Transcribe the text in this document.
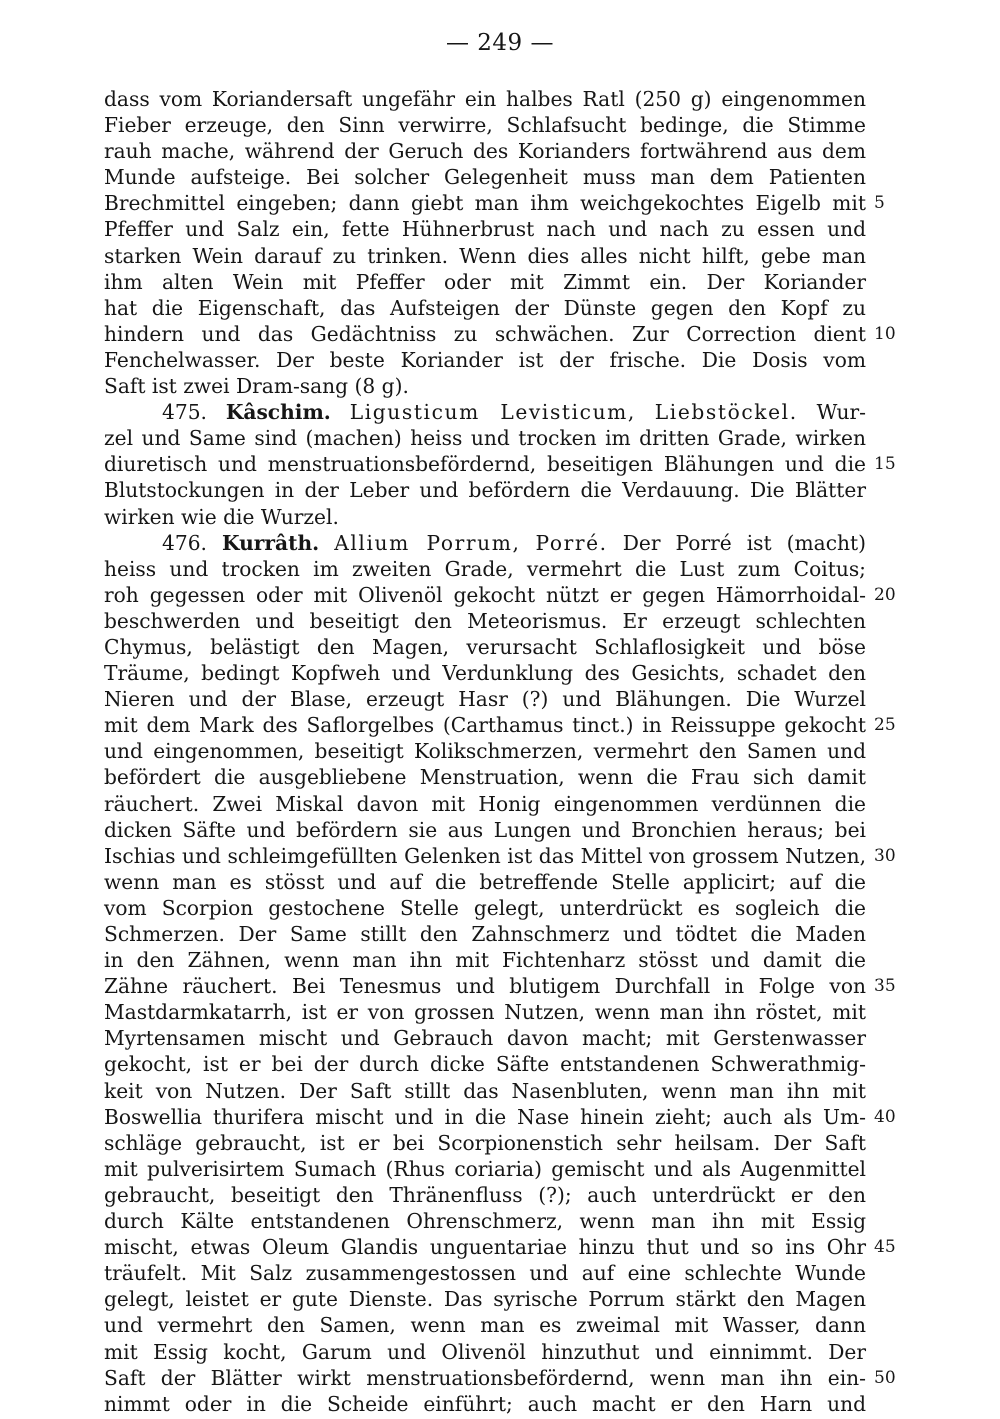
— 249 —
dass vom Koriandersaft ungefähr ein halbes Ratl (250 g) eingenommen
Fieber erzeuge, den Sinn verwirre, Schlafsucht bedinge, die Stimme
rauh mache, während der Geruch des Korianders fortwährend aus dem
Munde aufsteige. Bei solcher Gelegenheit muss man dem Patienten
Brechmittel eingeben; dann giebt man ihm weichgekochtes Eigelb mit
Pfeffer und Salz ein, fette Hühnerbrust nach und nach zu essen und
starken Wein darauf zu trinken. Wenn dies alles nicht hilft, gebe man
ihm alten Wein mit Pfeffer oder mit Zimmt ein. Der Koriander
hat die Eigenschaft, das Aufsteigen der Dünste gegen den Kopf zu
hindern und das Gedächtniss zu schwächen. Zur Correction dient
Fenchelwasser. Der beste Koriander ist der frische. Die Dosis vom
Saft ist zwei Dram-sang (8 g).
475. Kâschim. Ligusticum Levisticum, Liebstöckel. Wur-
zel und Same sind (machen) heiss und trocken im dritten Grade, wirken
diuretisch und menstruationsbefördernd, beseitigen Blähungen und die
Blutstockungen in der Leber und befördern die Verdauung. Die Blätter
wirken wie die Wurzel.
476. Kurrâth. Allium Porrum, Porré. Der Porré ist (macht)
heiss und trocken im zweiten Grade, vermehrt die Lust zum Coitus;
roh gegessen oder mit Olivenöl gekocht nützt er gegen Hämorrhoidal-
beschwerden und beseitigt den Meteorismus. Er erzeugt schlechten
Chymus, belästigt den Magen, verursacht Schlaflosigkeit und böse
Träume, bedingt Kopfweh und Verdunklung des Gesichts, schadet den
Nieren und der Blase, erzeugt Hasr (?) und Blähungen. Die Wurzel
mit dem Mark des Saflorgelbes (Carthamus tinct.) in Reissuppe gekocht
und eingenommen, beseitigt Kolikschmerzen, vermehrt den Samen und
befördert die ausgebliebene Menstruation, wenn die Frau sich damit
räuchert. Zwei Miskal davon mit Honig eingenommen verdünnen die
dicken Säfte und befördern sie aus Lungen und Bronchien heraus; bei
Ischias und schleimgefüllten Gelenken ist das Mittel von grossem Nutzen,
wenn man es stösst und auf die betreffende Stelle applicirt; auf die
vom Scorpion gestochene Stelle gelegt, unterdrückt es sogleich die
Schmerzen. Der Same stillt den Zahnschmerz und tödtet die Maden
in den Zähnen, wenn man ihn mit Fichtenharz stösst und damit die
Zähne räuchert. Bei Tenesmus und blutigem Durchfall in Folge von
Mastdarmkatarrh, ist er von grossen Nutzen, wenn man ihn röstet, mit
Myrtensamen mischt und Gebrauch davon macht; mit Gerstenwasser
gekocht, ist er bei der durch dicke Säfte entstandenen Schwerathmig-
keit von Nutzen. Der Saft stillt das Nasenbluten, wenn man ihn mit
Boswellia thurifera mischt und in die Nase hinein zieht; auch als Um-
schläge gebraucht, ist er bei Scorpionenstich sehr heilsam. Der Saft
mit pulverisirtem Sumach (Rhus coriaria) gemischt und als Augenmittel
gebraucht, beseitigt den Thränenfluss (?); auch unterdrückt er den
durch Kälte entstandenen Ohrenschmerz, wenn man ihn mit Essig
mischt, etwas Oleum Glandis unguentariae hinzu thut und so ins Ohr
träufelt. Mit Salz zusammengestossen und auf eine schlechte Wunde
gelegt, leistet er gute Dienste. Das syrische Porrum stärkt den Magen
und vermehrt den Samen, wenn man es zweimal mit Wasser, dann
mit Essig kocht, Garum und Olivenöl hinzuthut und einnimmt. Der
Saft der Blätter wirkt menstruationsbefördernd, wenn man ihn ein-
nimmt oder in die Scheide einführt; auch macht er den Harn und
5
10
15
20
25
30
35
40
45
50
